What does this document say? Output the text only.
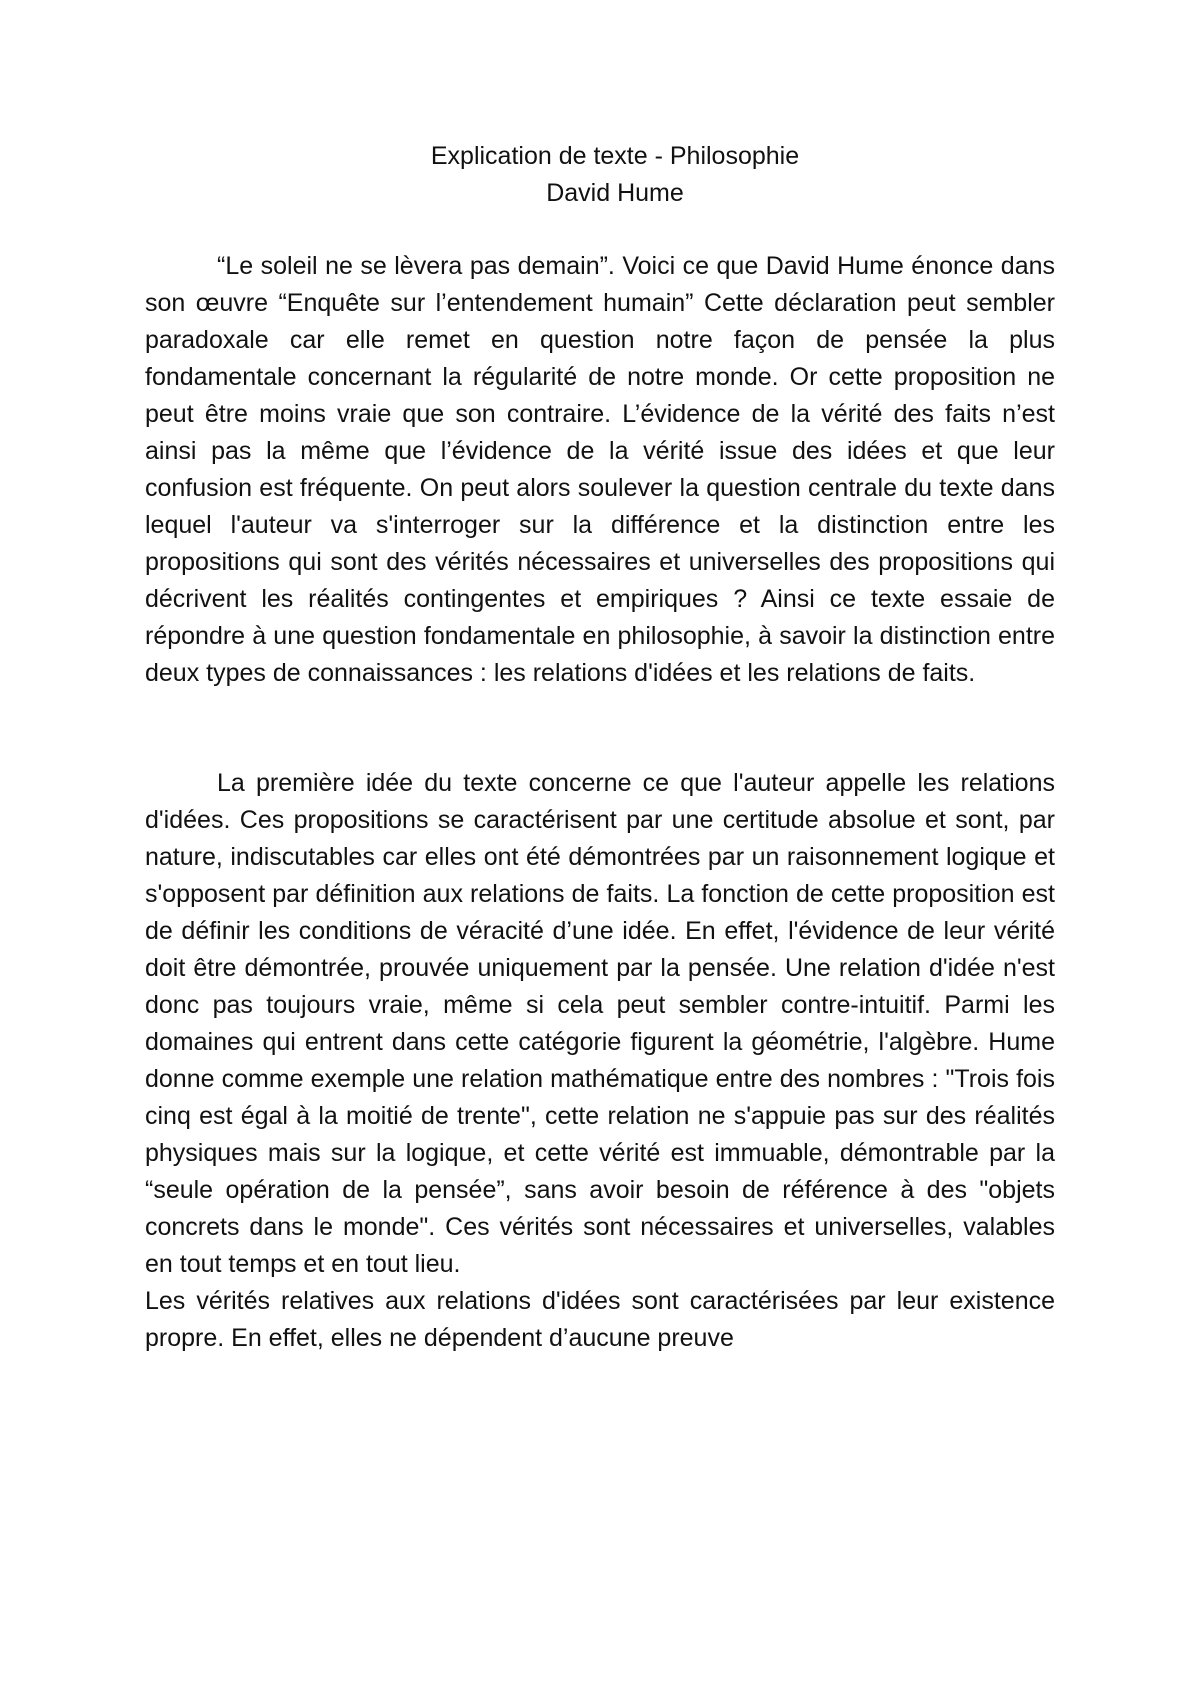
Explication de texte - Philosophie
David Hume

“Le soleil ne se lèvera pas demain”. Voici ce que David Hume énonce dans son œuvre “Enquête sur l’entendement humain” Cette déclaration peut sembler paradoxale car elle remet en question notre façon de pensée la plus fondamentale concernant la régularité de notre monde. Or cette proposition ne peut être moins vraie que son contraire. L’évidence de la vérité des faits n’est ainsi pas la même que l’évidence de la vérité issue des idées et que leur confusion est fréquente. On peut alors soulever la question centrale du texte dans lequel l'auteur va s'interroger sur la différence et la distinction entre les propositions qui sont des vérités nécessaires et universelles des propositions qui décrivent les réalités contingentes et empiriques ? Ainsi ce texte essaie de répondre à une question fondamentale en philosophie, à savoir la distinction entre deux types de connaissances : les relations d'idées et les relations de faits.

La première idée du texte concerne ce que l'auteur appelle les relations d'idées. Ces propositions se caractérisent par une certitude absolue et sont, par nature, indiscutables car elles ont été démontrées par un raisonnement logique et s'opposent par définition aux relations de faits. La fonction de cette proposition est de définir les conditions de véracité d’une idée. En effet, l'évidence de leur vérité doit être démontrée, prouvée uniquement par la pensée. Une relation d'idée n'est donc pas toujours vraie, même si cela peut sembler contre-intuitif. Parmi les domaines qui entrent dans cette catégorie figurent la géométrie, l'algèbre. Hume donne comme exemple une relation mathématique entre des nombres : "Trois fois cinq est égal à la moitié de trente", cette relation ne s'appuie pas sur des réalités physiques mais sur la logique, et cette vérité est immuable, démontrable par la “seule opération de la pensée”, sans avoir besoin de référence à des "objets concrets dans le monde". Ces vérités sont nécessaires et universelles, valables en tout temps et en tout lieu.

Les vérités relatives aux relations d'idées sont caractérisées par leur existence propre. En effet, elles ne dépendent d’aucune preuve
